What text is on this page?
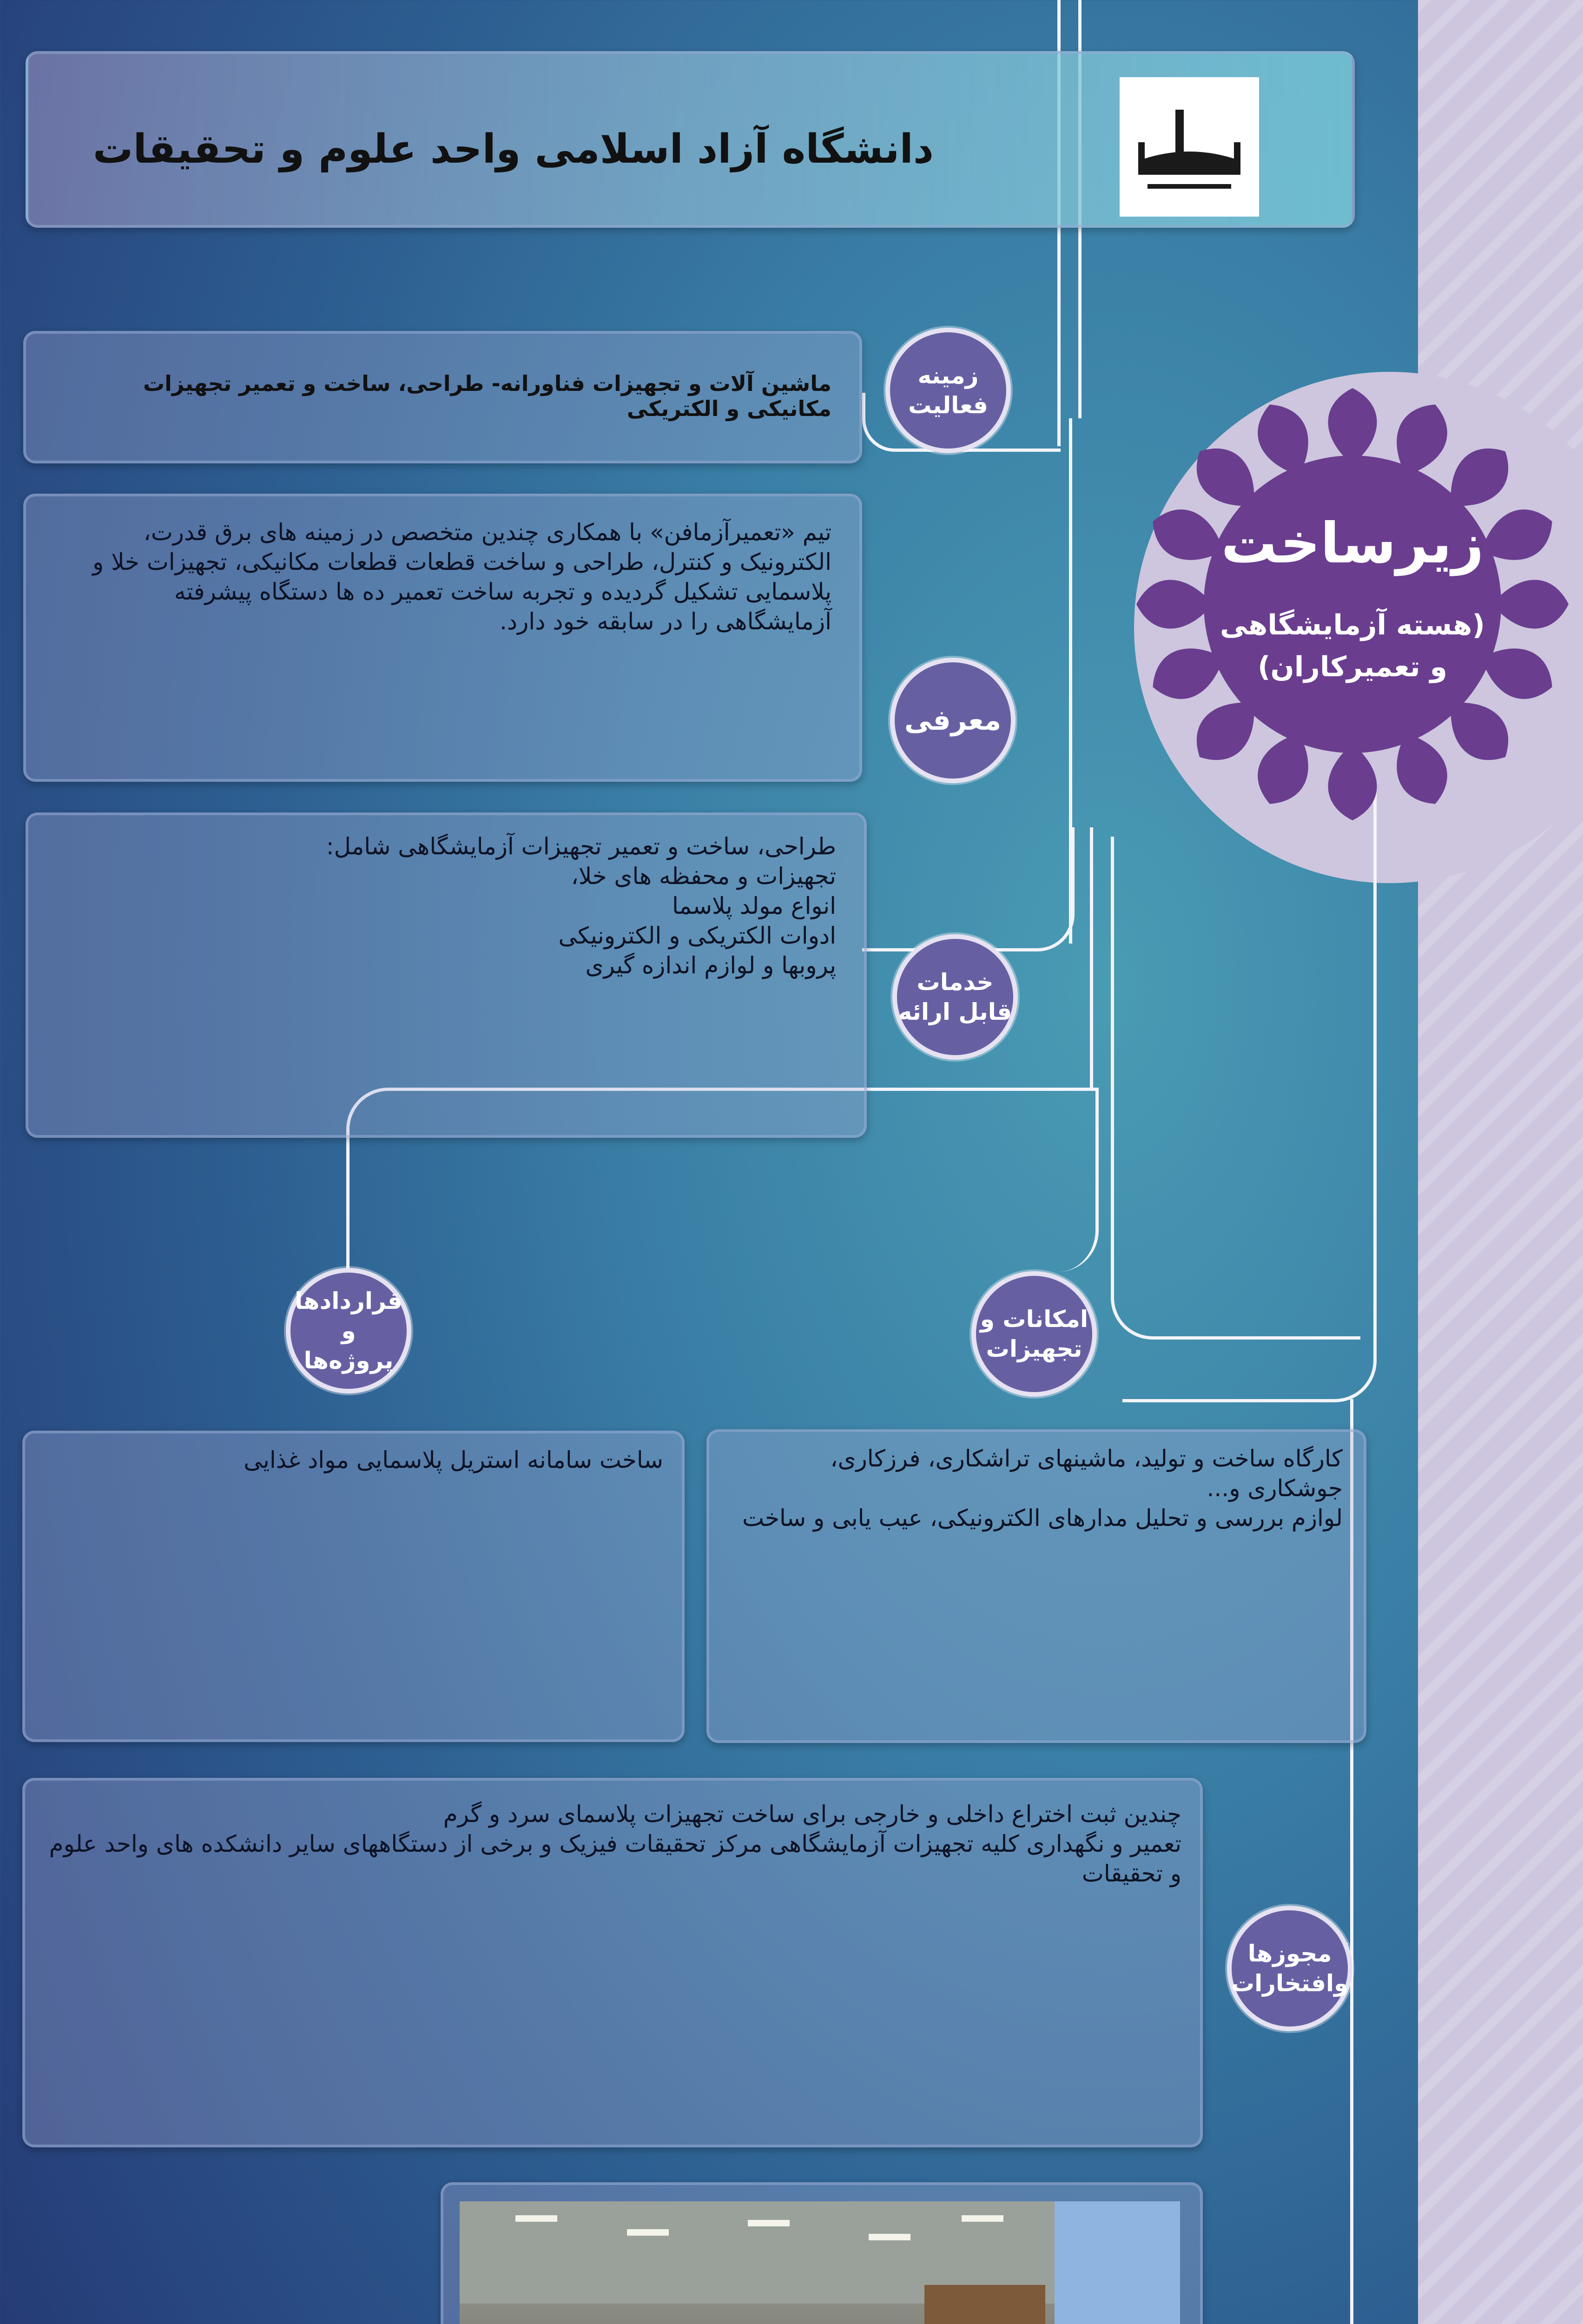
دانشگاه آزاد اسلامی واحد علوم و تحقیقات
زیرساخت
(هسته آزمایشگاهی
و تعمیرکاران)
ماشین آلات و تجهیزات فناورانه- طراحی، ساخت و تعمیر تجهیزات مکانیکی و الکتریکی
زمینه
فعالیت
تیم «تعمیرآزمافن» با همکاری چندین متخصص در زمینه های برق قدرت، الکترونیک و کنترل، طراحی و ساخت قطعات قطعات مکانیکی، تجهیزات خلا و پلاسمایی تشکیل گردیده و تجربه ساخت تعمیر ده ها دستگاه پیشرفته آزمایشگاهی را در سابقه خود دارد.
معرفی
طراحی، ساخت و تعمیر تجهیزات آزمایشگاهی شامل:
تجهیزات و محفظه های خلا،
انواع مولد پلاسما
ادوات الکتریکی و الکترونیکی
پروبها و لوازم اندازه گیری
خدمات
قابل ارائه
قراردادها و
پروژه‌ها
امکانات و
تجهیزات
ساخت سامانه استریل پلاسمایی مواد غذایی	کارگاه ساخت و تولید، ماشینهای تراشکاری، فرزکاری، جوشکاری و...
لوازم بررسی و تحلیل مدارهای الکترونیکی، عیب یابی و ساخت
چندین ثبت اختراع داخلی و خارجی برای ساخت تجهیزات پلاسمای سرد و گرم
تعمیر و نگهداری کلیه تجهیزات آزمایشگاهی مرکز تحقیقات فیزیک و برخی از دستگاههای سایر دانشکده های واحد علوم و تحقیقات
مجوزها
وافتخارات
